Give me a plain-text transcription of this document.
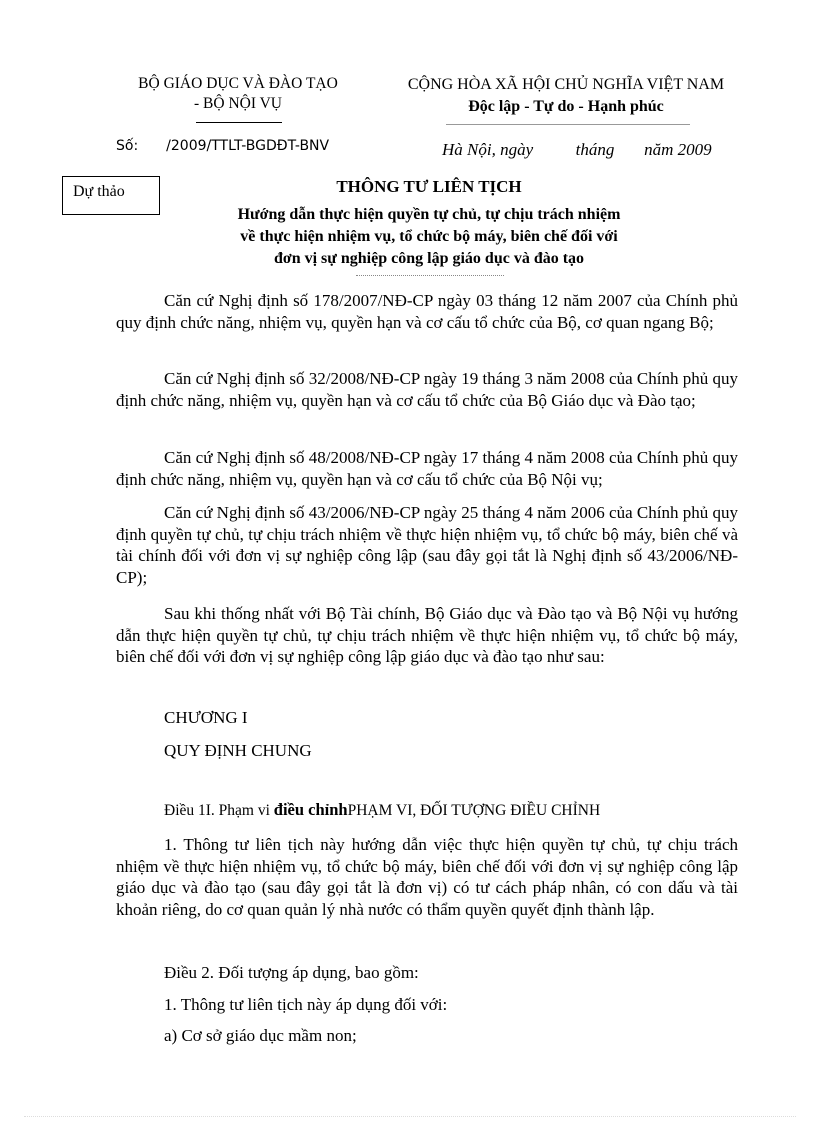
BỘ GIÁO DỤC VÀ ĐÀO TẠO
- BỘ NỘI VỤ
CỘNG HÒA XÃ HỘI CHỦ NGHĨA VIỆT NAM
Độc lập - Tự do - Hạnh phúc
Số: /2009/TTLT-BGDĐT-BNV	Hà Nội, ngày          tháng       năm 2009
Dự thảo	THÔNG TƯ LIÊN TỊCH
Hướng dẫn thực hiện quyền tự chủ, tự chịu trách nhiệm
về thực hiện nhiệm vụ, tổ chức bộ máy, biên chế đối với
đơn vị sự nghiệp công lập giáo dục và đào tạo

Căn cứ Nghị định số 178/2007/NĐ-CP ngày 03 tháng 12 năm 2007 của Chính phủ quy định chức năng, nhiệm vụ, quyền hạn và cơ cấu tổ chức của Bộ, cơ quan ngang Bộ;

Căn cứ Nghị định số 32/2008/NĐ-CP ngày 19 tháng 3 năm 2008 của Chính phủ quy định chức năng, nhiệm vụ, quyền hạn và cơ cấu tổ chức của Bộ Giáo dục và Đào tạo;

Căn cứ Nghị định số 48/2008/NĐ-CP ngày 17 tháng 4 năm 2008 của Chính phủ quy định chức năng, nhiệm vụ, quyền hạn và cơ cấu tổ chức của Bộ Nội vụ;

Căn cứ Nghị định số 43/2006/NĐ-CP ngày 25 tháng 4 năm 2006 của Chính phủ quy định quyền tự chủ, tự chịu trách nhiệm về thực hiện nhiệm vụ, tổ chức bộ máy, biên chế và tài chính đối với đơn vị sự nghiệp công lập (sau đây gọi tắt là Nghị định số 43/2006/NĐ-CP);

Sau khi thống nhất với Bộ Tài chính, Bộ Giáo dục và Đào tạo và Bộ Nội vụ hướng dẫn thực hiện quyền tự chủ, tự chịu trách nhiệm về thực hiện nhiệm vụ, tổ chức bộ máy, biên chế đối với đơn vị sự nghiệp công lập giáo dục và đào tạo như sau:

CHƯƠNG I

QUY ĐỊNH CHUNG

Điều 1I. Phạm vi điều chỉnhPHẠM VI, ĐỐI TƯỢNG ĐIỀU CHỈNH

1. Thông tư liên tịch này hướng dẫn việc thực hiện quyền tự chủ, tự chịu trách nhiệm về thực hiện nhiệm vụ, tổ chức bộ máy, biên chế đối với đơn vị sự nghiệp công lập giáo dục và đào tạo (sau đây gọi tắt là đơn vị) có tư cách pháp nhân, có con dấu và tài khoản riêng, do cơ quan quản lý nhà nước có thẩm quyền quyết định thành lập.

Điều 2. Đối tượng áp dụng, bao gồm:

1. Thông tư liên tịch này áp dụng đối với:

a) Cơ sở giáo dục mầm non;
